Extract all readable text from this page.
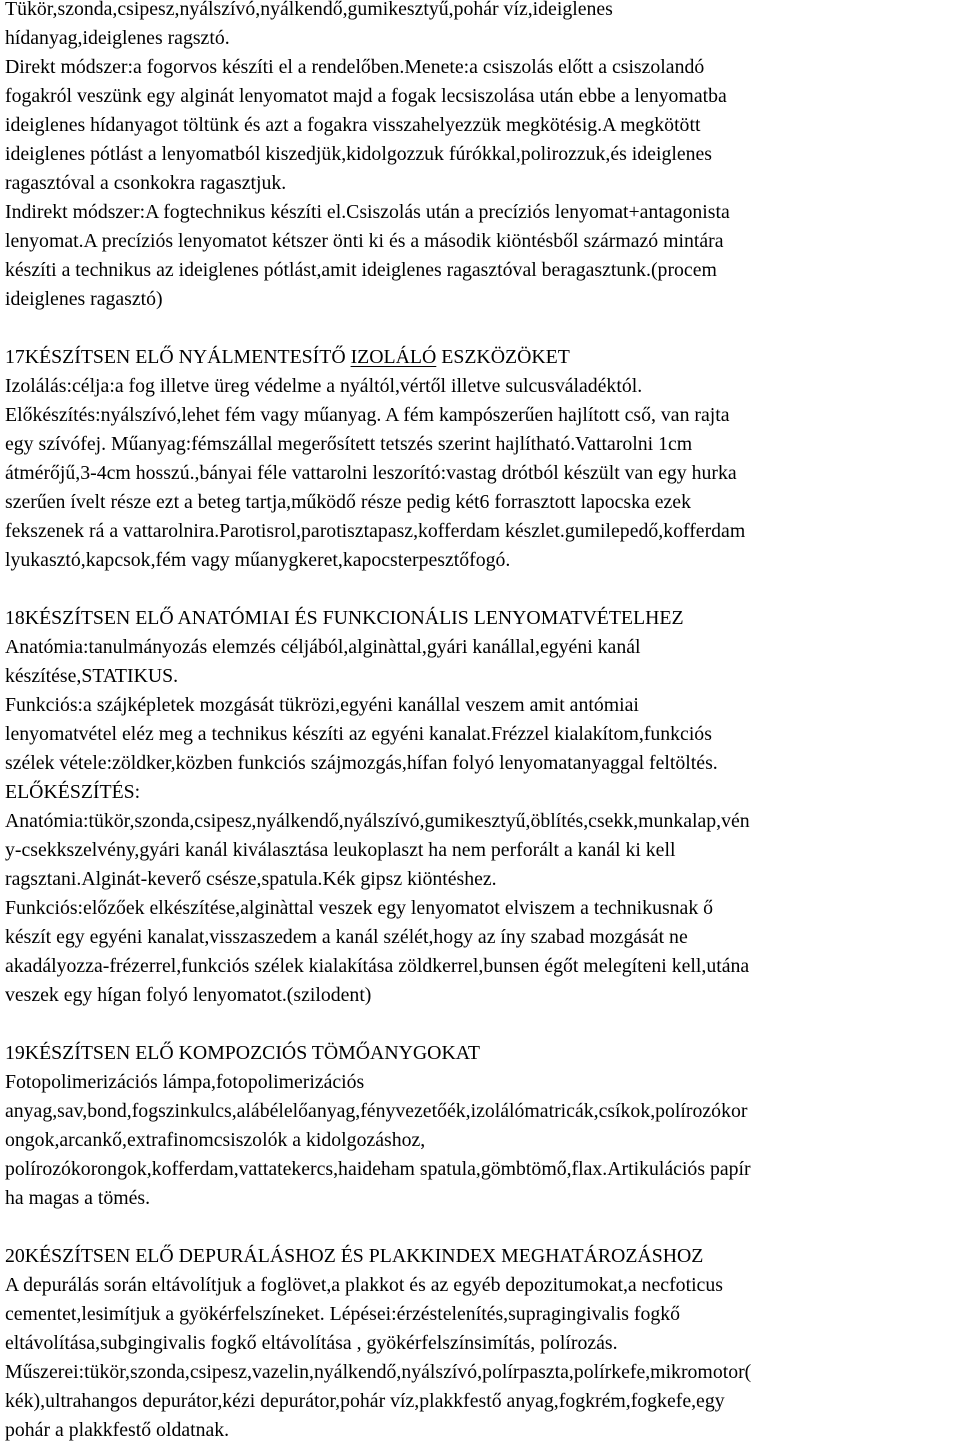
Tükör,szonda,csipesz,nyálszívó,nyálkendő,gumikesztyű,pohár víz,ideiglenes
hídanyag,ideiglenes ragsztó.
Direkt módszer:a fogorvos készíti el a rendelőben.Menete:a csiszolás előtt a csiszolandó
fogakról veszünk egy alginát lenyomatot majd a fogak lecsiszolása után ebbe a lenyomatba
ideiglenes hídanyagot töltünk és azt a fogakra visszahelyezzük megkötésig.A megkötött
ideiglenes pótlást a lenyomatból kiszedjük,kidolgozzuk fúrókkal,polirozzuk,és ideiglenes
ragasztóval a csonkokra ragasztjuk.
Indirekt módszer:A fogtechnikus készíti el.Csiszolás után a precíziós lenyomat+antagonista
lenyomat.A precíziós lenyomatot kétszer önti ki és a második kiöntésből származó mintára
készíti a technikus az ideiglenes pótlást,amit ideiglenes ragasztóval beragasztunk.(procem
ideiglenes ragasztó)
17KÉSZÍTSEN ELŐ NYÁLMENTESÍTŐ IZOLÁLÓ ESZKÖZÖKET
Izolálás:célja:a fog illetve üreg védelme a nyáltól,vértől illetve sulcusváladéktól.
Előkészítés:nyálszívó,lehet fém vagy műanyag. A fém kampószerűen hajlított cső, van rajta
egy szívófej. Műanyag:fémszállal megerősített tetszés szerint hajlítható.Vattarolni 1cm
átmérőjű,3-4cm hosszú.,bányai féle vattarolni leszorító:vastag drótból készült van egy hurka
szerűen ívelt része ezt a beteg tartja,működő része pedig két6 forrasztott lapocska ezek
fekszenek rá a vattarolnira.Parotisrol,parotisztapasz,kofferdam készlet.gumilepedő,kofferdam
lyukasztó,kapcsok,fém vagy műanygkeret,kapocsterpesztőfogó.
18KÉSZÍTSEN ELŐ ANATÓMIAI ÉS FUNKCIONÁLIS LENYOMATVÉTELHEZ
Anatómia:tanulmányozás elemzés céljából,alginàttal,gyári kanállal,egyéni kanál
készítése,STATIKUS.
Funkciós:a szájképletek mozgását tükrözi,egyéni kanállal veszem amit antómiai
lenyomatvétel eléz meg a technikus készíti az egyéni kanalat.Frézzel kialakítom,funkciós
szélek vétele:zöldker,közben funkciós szájmozgás,hífan folyó lenyomatanyaggal feltöltés.
ELŐKÉSZÍTÉS:
Anatómia:tükör,szonda,csipesz,nyálkendő,nyálszívó,gumikesztyű,öblítés,csekk,munkalap,vén
y-csekkszelvény,gyári kanál kiválasztása leukoplaszt ha nem perforált a kanál ki kell
ragsztani.Alginát-keverő csésze,spatula.Kék gipsz kiöntéshez.
Funkciós:előzőek elkészítése,alginàttal veszek egy lenyomatot elviszem a technikusnak ő
készít egy egyéni kanalat,visszaszedem a kanál szélét,hogy az íny szabad mozgását ne
akadályozza-frézerrel,funkciós szélek kialakítása zöldkerrel,bunsen égőt melegíteni kell,utána
veszek egy hígan folyó lenyomatot.(szilodent)
19KÉSZÍTSEN ELŐ KOMPOZCIÓS TÖMŐANYGOKAT
Fotopolimerizációs lámpa,fotopolimerizációs
anyag,sav,bond,fogszinkulcs,alábélelőanyag,fényvezetőék,izolálómatricák,csíkok,polírozókor
ongok,arcankő,extrafinomcsiszolók a kidolgozáshoz,
polírozókorongok,kofferdam,vattatekercs,haideham spatula,gömbtömő,flax.Artikulációs papír
ha magas a tömés.
20KÉSZÍTSEN ELŐ DEPURÁLÁSHOZ ÉS PLAKKINDEX MEGHATÁROZÁSHOZ
A depurálás során eltávolítjuk a foglövet,a plakkot és az egyéb depozitumokat,a necfoticus
cementet,lesimítjuk a gyökérfelszíneket. Lépései:érzéstelenítés,supragingivalis fogkő
eltávolítása,subgingivalis fogkő eltávolítása , gyökérfelszínsimítás, polírozás.
Műszerei:tükör,szonda,csipesz,vazelin,nyálkendő,nyálszívó,polírpaszta,polírkefe,mikromotor(
kék),ultrahangos depurátor,kézi depurátor,pohár víz,plakkfestő anyag,fogkrém,fogkefe,egy
pohár a plakkfestő oldatnak.
